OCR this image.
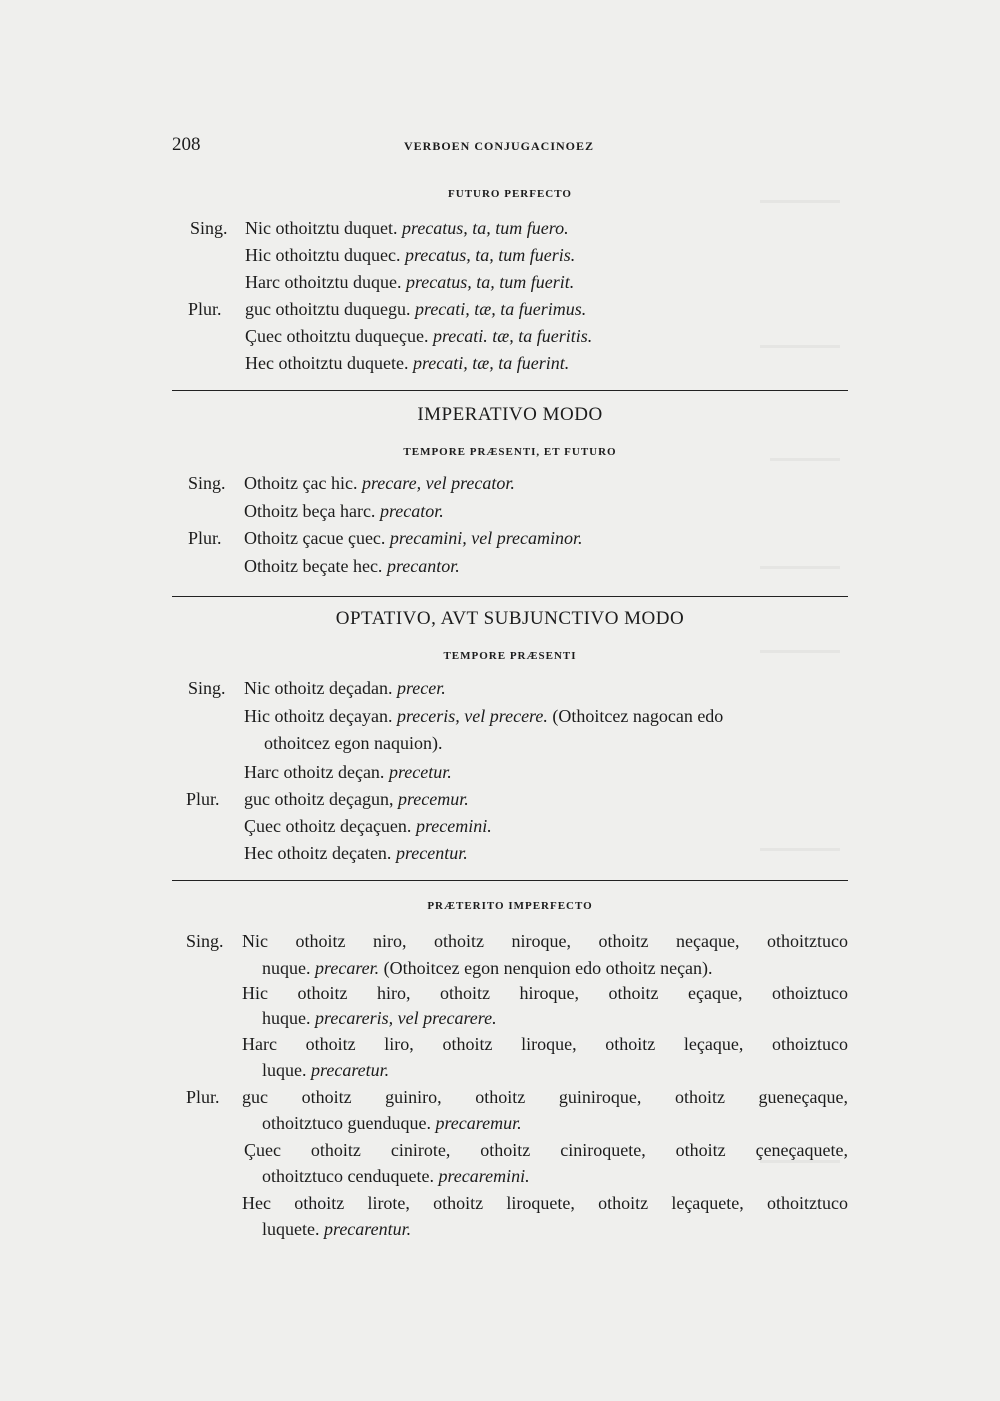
208	VERBOEN CONJUGACINOEZ
FUTURO PERFECTO
Sing. Nic othoitztu duquet. precatus, ta, tum fuero.
Hic othoitztu duquec. precatus, ta, tum fueris.
Harc othoitztu duque. precatus, ta, tum fuerit.
Plur. guc othoitztu duquegu. precati, tæ, ta fuerimus.
Çuec othoitztu duqueçue. precati. tæ, ta fueritis.
Hec othoitztu duquete. precati, tæ, ta fuerint.
IMPERATIVO MODO
TEMPORE PRÆSENTI, ET FUTURO
Sing. Othoitz çac hic. precare, vel precator.
Othoitz beça harc. precator.
Plur. Othoitz çacue çuec. precamini, vel precaminor.
Othoitz beçate hec. precantor.
OPTATIVO, AVT SUBJUNCTIVO MODO
TEMPORE PRÆSENTI
Sing. Nic othoitz deçadan. precer.
Hic othoitz deçayan. preceris, vel precere. (Othoitcez nagocan edo
othoitcez egon naquion).
Harc othoitz deçan. precetur.
Plur. guc othoitz deçagun, precemur.
Çuec othoitz deçaçuen. precemini.
Hec othoitz deçaten. precentur.
PRÆTERITO IMPERFECTO
Sing. Nic othoitz niro, othoitz niroque, othoitz neçaque, othoitztuco
nuque. precarer. (Othoitcez egon nenquion edo othoitz neçan).
Hic othoitz hiro, othoitz hiroque, othoitz eçaque, othoiztuco
huque. precareris, vel precarere.
Harc othoitz liro, othoitz liroque, othoitz leçaque, othoiztuco
luque. precaretur.
Plur. guc othoitz guiniro, othoitz guiniroque, othoitz gueneçaque,
othoitztuco guenduque. precaremur.
Çuec othoitz cinirote, othoitz ciniroquete, othoitz çeneçaquete,
othoitztuco cenduquete. precaremini.
Hec othoitz lirote, othoitz liroquete, othoitz leçaquete, othoitztuco
luquete. precarentur.
